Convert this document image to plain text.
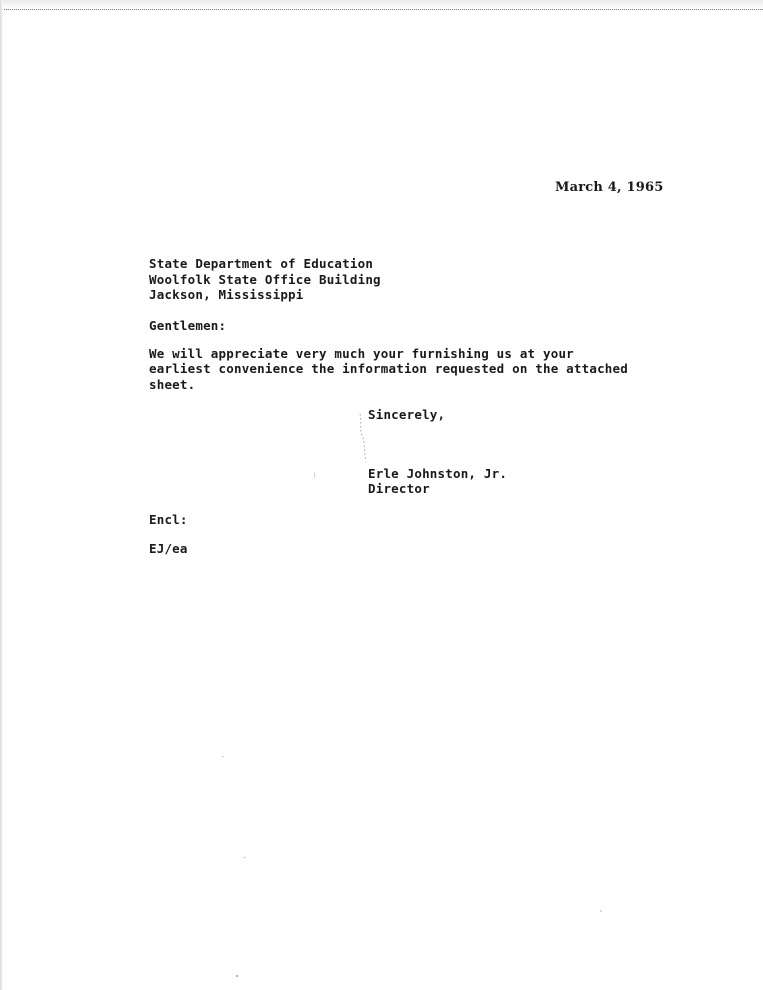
March 4, 1965
State Department of Education
Woolfolk State Office Building
Jackson, Mississippi
Gentlemen:
We will appreciate very much your furnishing us at your
earliest convenience the information requested on the attached
sheet.
Sincerely,
Erle Johnston, Jr.
Director
Encl:
EJ/ea
